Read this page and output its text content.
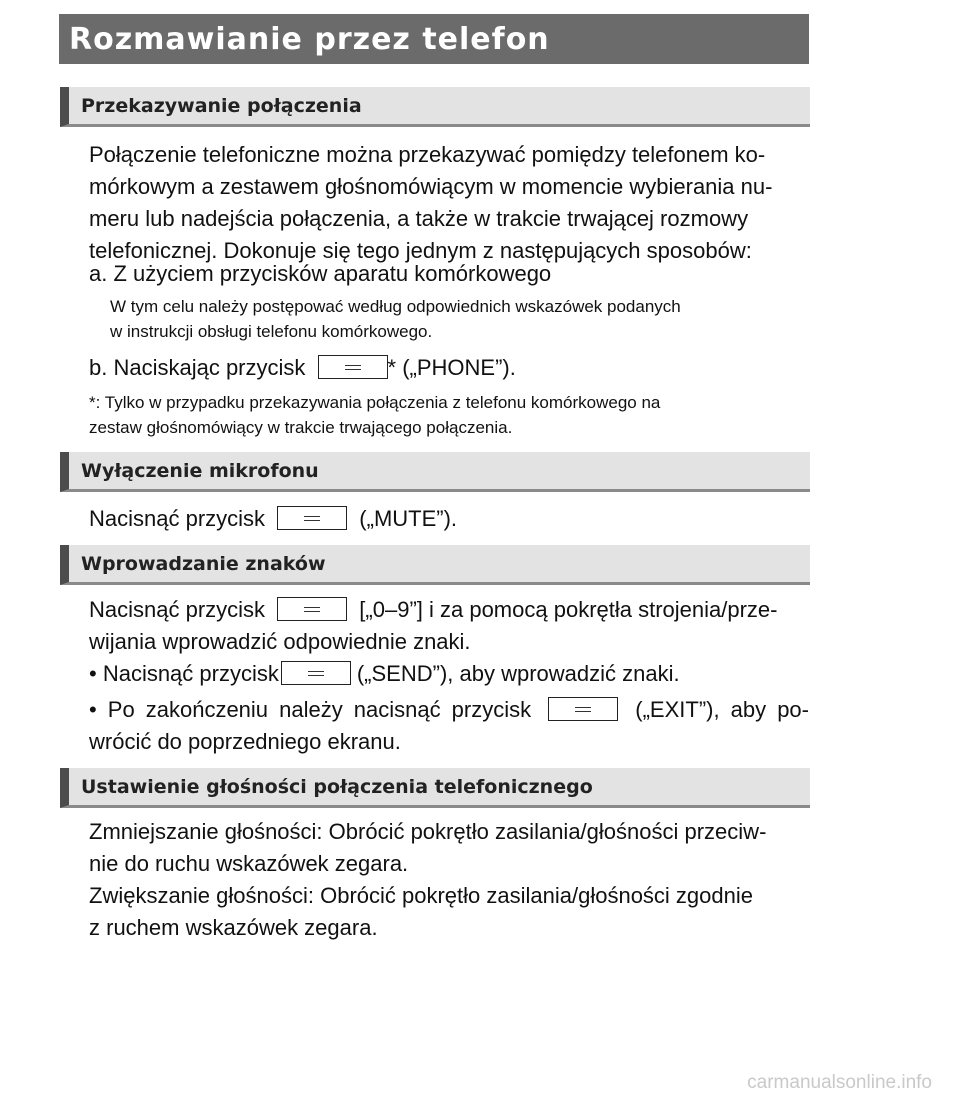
Rozmawianie przez telefon
Przekazywanie połączenia

Połączenie telefoniczne można przekazywać pomiędzy telefonem ko-
mórkowym a zestawem głośnomówiącym w momencie wybierania nu-
meru lub nadejścia połączenia, a także w trakcie trwającej rozmowy
telefonicznej. Dokonuje się tego jednym z następujących sposobów:

a. Z użyciem przycisków aparatu komórkowego

W tym celu należy postępować według odpowiednich wskazówek podanych
w instrukcji obsługi telefonu komórkowego.

b. Naciskając przycisk	* („PHONE”).

*: Tylko w przypadku przekazywania połączenia z telefonu komórkowego na
zestaw głośnomówiący w trakcie trwającego połączenia.

Wyłączenie mikrofonu

Nacisnąć przycisk	(„MUTE”).

Wprowadzanie znaków

Nacisnąć przycisk	[„0–9”] i za pomocą pokrętła strojenia/prze-
wijania wprowadzić odpowiednie znaki.

• Nacisnąć przycisk	(„SEND”), aby wprowadzić znaki.

• Po zakończeniu należy nacisnąć przycisk	(„EXIT”), aby po-
wrócić do poprzedniego ekranu.

Ustawienie głośności połączenia telefonicznego

Zmniejszanie głośności: Obrócić pokrętło zasilania/głośności przeciw-
nie do ruchu wskazówek zegara.

Zwiększanie głośności: Obrócić pokrętło zasilania/głośności zgodnie
z ruchem wskazówek zegara.

carmanualsonline.info
